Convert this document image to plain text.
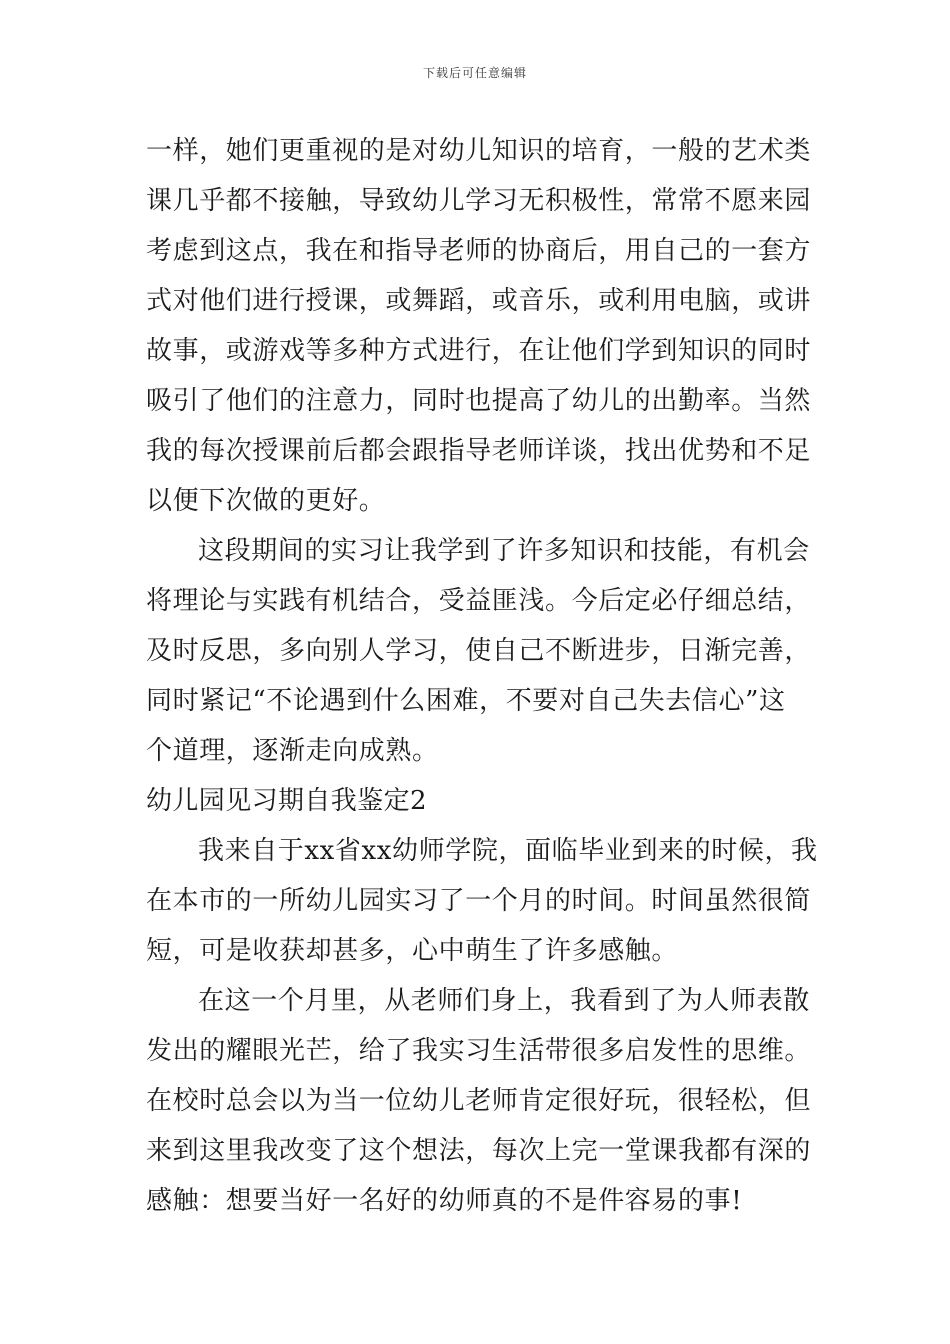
下载后可任意编辑
一样，她们更重视的是对幼儿知识的培育，一般的艺术类
课几乎都不接触，导致幼儿学习无积极性，常常不愿来园
考虑到这点，我在和指导老师的协商后，用自己的一套方
式对他们进行授课，或舞蹈，或音乐，或利用电脑，或讲
故事，或游戏等多种方式进行，在让他们学到知识的同时
吸引了他们的注意力，同时也提高了幼儿的出勤率。当然
我的每次授课前后都会跟指导老师详谈，找出优势和不足
以便下次做的更好。
这段期间的实习让我学到了许多知识和技能，有机会
将理论与实践有机结合，受益匪浅。今后定必仔细总结，
及时反思，多向别人学习，使自己不断进步，日渐完善，
同时紧记“不论遇到什么困难，不要对自己失去信心”这
个道理，逐渐走向成熟。
幼儿园见习期自我鉴定2
我来自于xx省xx幼师学院，面临毕业到来的时候，我
在本市的一所幼儿园实习了一个月的时间。时间虽然很简
短，可是收获却甚多，心中萌生了许多感触。
在这一个月里，从老师们身上，我看到了为人师表散
发出的耀眼光芒，给了我实习生活带很多启发性的思维。
在校时总会以为当一位幼儿老师肯定很好玩，很轻松，但
来到这里我改变了这个想法，每次上完一堂课我都有深的
感触：想要当好一名好的幼师真的不是件容易的事!
